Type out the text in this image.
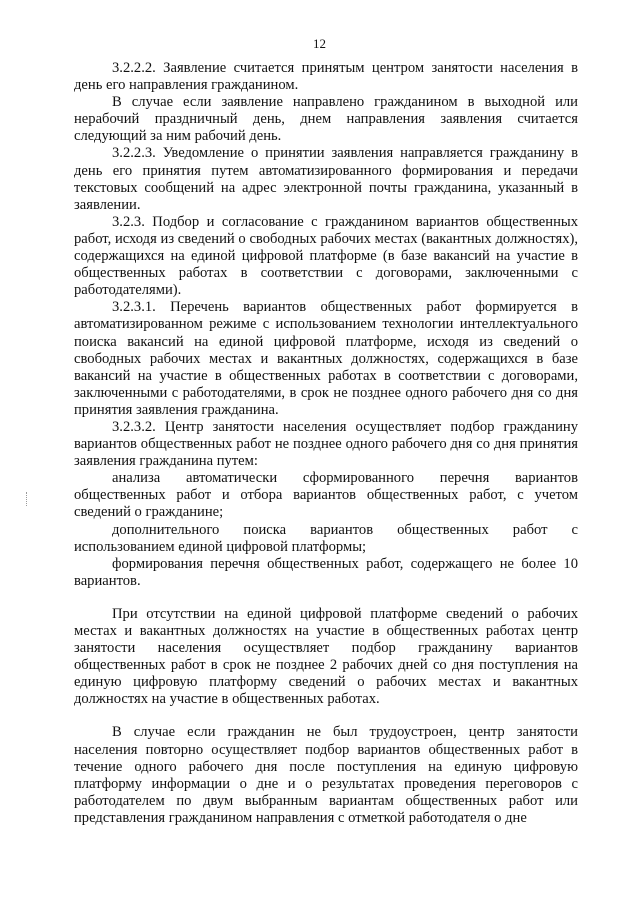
12

3.2.2.2. Заявление считается принятым центром занятости населения в день его направления гражданином.

В случае если заявление направлено гражданином в выходной или нерабочий праздничный день, днем направления заявления считается следующий за ним рабочий день.

3.2.2.3. Уведомление о принятии заявления направляется гражданину в день его принятия путем автоматизированного формирования и передачи текстовых сообщений на адрес электронной почты гражданина, указанный в заявлении.

3.2.3. Подбор и согласование с гражданином вариантов общественных работ, исходя из сведений о свободных рабочих местах (вакантных должностях), содержащихся на единой цифровой платформе (в базе вакансий на участие в общественных работах в соответствии с договорами, заключенными с работодателями).

3.2.3.1. Перечень вариантов общественных работ формируется в автоматизированном режиме с использованием технологии интеллектуального поиска вакансий на единой цифровой платформе, исходя из сведений о свободных рабочих местах и вакантных должностях, содержащихся в базе вакансий на участие в общественных работах в соответствии с договорами, заключенными с работодателями, в срок не позднее одного рабочего дня со дня принятия заявления гражданина.

3.2.3.2. Центр занятости населения осуществляет подбор гражданину вариантов общественных работ не позднее одного рабочего дня со дня принятия заявления гражданина путем:

анализа автоматически сформированного перечня вариантов общественных работ и отбора вариантов общественных работ, с учетом сведений о гражданине;

дополнительного поиска вариантов общественных работ с использованием единой цифровой платформы;

формирования перечня общественных работ, содержащего не более 10 вариантов.

При отсутствии на единой цифровой платформе сведений о рабочих местах и вакантных должностях на участие в общественных работах центр занятости населения осуществляет подбор гражданину вариантов общественных работ в срок не позднее 2 рабочих дней со дня поступления на единую цифровую платформу сведений о рабочих местах и вакантных должностях на участие в общественных работах.

В случае если гражданин не был трудоустроен, центр занятости населения повторно осуществляет подбор вариантов общественных работ в течение одного рабочего дня после поступления на единую цифровую платформу информации о дне и о результатах проведения переговоров с работодателем по двум выбранным вариантам общественных работ или представления гражданином направления с отметкой работодателя о дне
